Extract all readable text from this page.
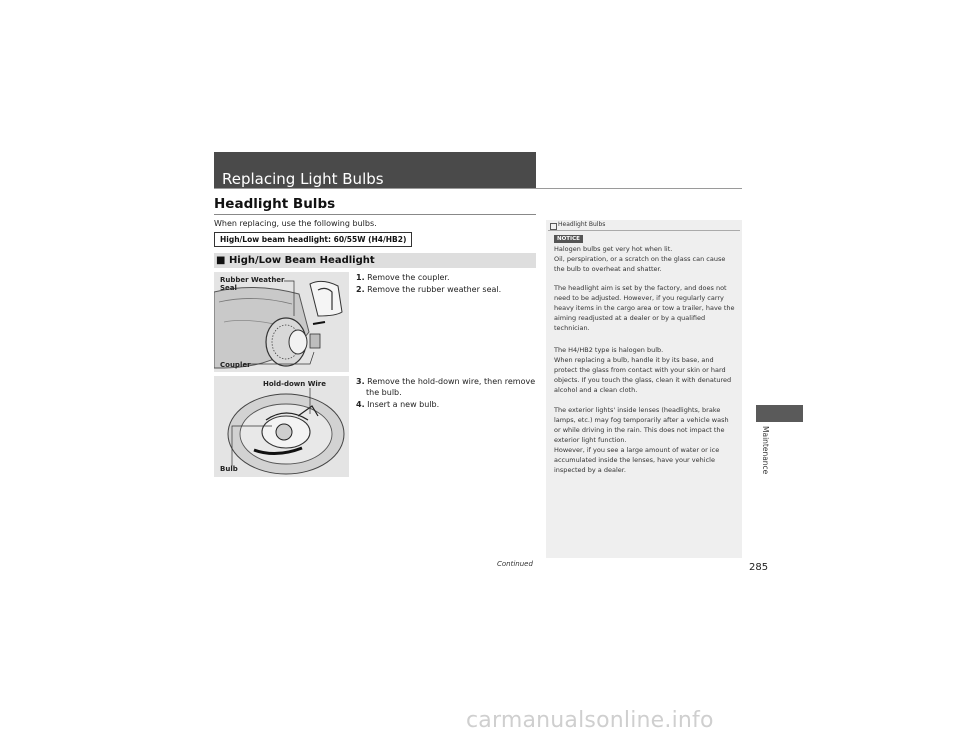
Replacing Light Bulbs
Headlight Bulbs
When replacing, use the following bulbs.
High/Low beam headlight: 60/55W (H4/HB2)
■ High/Low Beam Headlight
Rubber Weather
Seal
Coupler
Hold-down Wire
Bulb
1. Remove the coupler.
2. Remove the rubber weather seal.
3. Remove the hold-down wire, then remove the bulb.
4. Insert a new bulb.
Headlight Bulbs
NOTICE
Halogen bulbs get very hot when lit.
Oil, perspiration, or a scratch on the glass can cause the bulb to overheat and shatter.
The headlight aim is set by the factory, and does not need to be adjusted. However, if you regularly carry heavy items in the cargo area or tow a trailer, have the aiming readjusted at a dealer or by a qualified technician.
The H4/HB2 type is halogen bulb.
When replacing a bulb, handle it by its base, and protect the glass from contact with your skin or hard objects. If you touch the glass, clean it with denatured alcohol and a clean cloth.
The exterior lights' inside lenses (headlights, brake lamps, etc.) may fog temporarily after a vehicle wash or while driving in the rain. This does not impact the exterior light function.
However, if you see a large amount of water or ice accumulated inside the lenses, have your vehicle inspected by a dealer.	Maintenance
Continued	285
carmanualsonline.info
